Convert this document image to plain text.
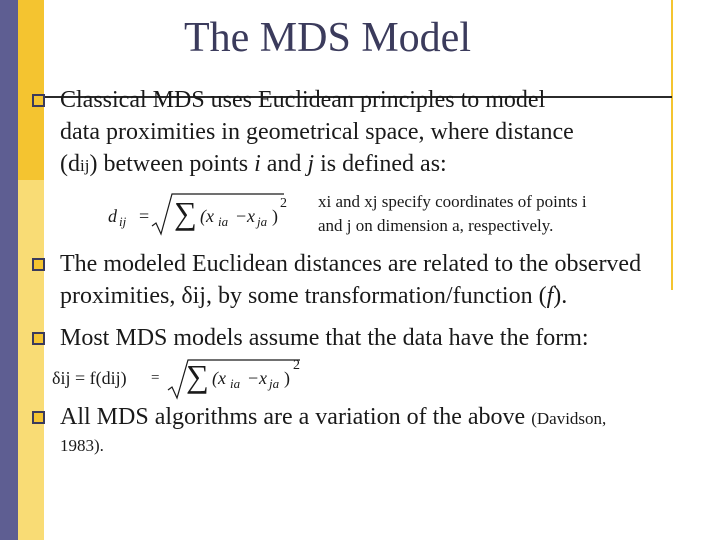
The MDS Model
Classical MDS uses Euclidean principles to model
data proximities in geometrical space, where distance
(dij) between points i and j is defined as:
d ij = ∑ (x ia − x ja )
2 xi and xj specify coordinates of points i
and j on dimension a, respectively.
The modeled Euclidean distances are related to the observed
proximities, δij, by some transformation/function (f).
Most MDS models assume that the data have the form:
δij = f(dij) = ∑ (x ia − x ja )
2
All MDS algorithms are a variation of the above (Davidson,
1983).
